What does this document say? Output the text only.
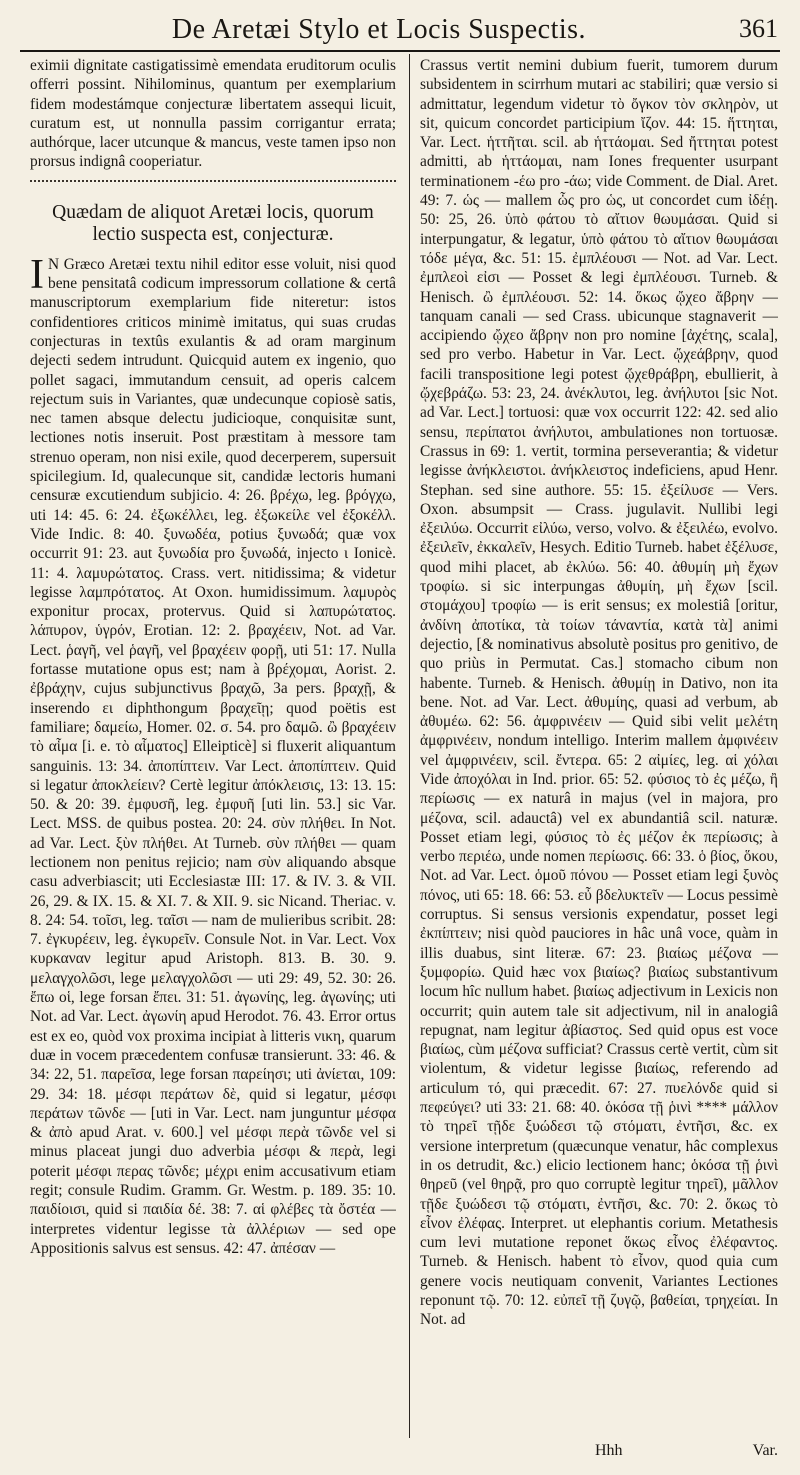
De Aretæi Stylo et Locis Suspectis.	361

eximii dignitate castigatissimè emendata eruditorum oculis offerri possint. Nihilominus, quantum per exemplarium fidem modestámque conjecturæ libertatem assequi licuit, curatum est, ut nonnulla passim corrigantur errata; authórque, lacer utcunque & mancus, veste tamen ipso non prorsus indignâ cooperiatur.

Quædam de aliquot Aretæi locis, quorum lectio suspecta est, conjecturæ.

I N Græco Aretæi textu nihil editor esse voluit, nisi quod bene pensitatâ codicum impressorum collatione & certâ manuscriptorum exemplarium fide niteretur: istos confidentiores criticos minimè imitatus, qui suas crudas conjecturas in textûs exulantis & ad oram marginum dejecti sedem intrudunt. Quicquid autem ex ingenio, quo pollet sagaci, immutandum censuit, ad operis calcem rejectum suis in Variantes, quæ undecunque copiosè satis, nec tamen absque delectu judicioque, conquisitæ sunt, lectiones notis inseruit. Post præstitam à messore tam strenuo operam, non nisi exile, quod decerperem, supersuit spicilegium. Id, qualecunque sit, candidæ lectoris humani censuræ excutiendum subjicio. 4: 26. βρέχω, leg. βρόγχω, uti 14: 45. 6: 24. ἐξωκέλλει, leg. ἐξωκείλε vel ἐξοκέλλ. Vide Indic. 8: 40. ξυνωδέα, potius ξυνωδά; quæ vox occurrit 91: 23. aut ξυνωδία pro ξυνωδά, injecto ι Ionicè. 11: 4. λαμυρώτατος. Crass. vert. nitidissima; & videtur legisse λαμπρότατος. At Oxon. humidissimum. λαμυρὸς exponitur procax, protervus. Quid si λαπυρώτατος. λάπυρον, ὑγρόν, Erotian. 12: 2. βραχέειν, Not. ad Var. Lect. ῥαγῆ, vel ῥαγῆ, vel βραχέειν φορῇ, uti 51: 17. Nulla fortasse mutatione opus est; nam à βρέχομαι, Aorist. 2. ἐβράχην, cujus subjunctivus βραχῶ, 3a pers. βραχῇ, & inserendo ει diphthongum βραχεῖῃ; quod poëtis est familiare; δαμείω, Homer. 02. σ. 54. pro δαμῶ. ὢ βραχέειν τὸ αἷμα [i. e. τὸ αἷματος] Elleipticè] si fluxerit aliquantum sanguinis. 13: 34. ἀποπίπτειν. Var Lect. ἀποπίπτειν. Quid si legatur ἀποκλείειν? Certè legitur ἀπόκλεισις, 13: 13. 15: 50. & 20: 39. ἐμφυσῆ, leg. ἐμφυῆ [uti lin. 53.] sic Var. Lect. MSS. de quibus postea. 20: 24. σὺν πλήθει. In Not. ad Var. Lect. ξὺν πλήθει. At Turneb. σὺν πλήθει — quam lectionem non penitus rejicio; nam σὺν aliquando absque casu adverbiascit; uti Ecclesiastæ III: 17. & IV. 3. & VII. 26, 29. & IX. 15. & XI. 7. & XII. 9. sic Nicand. Theriac. v. 8. 24: 54. τοῖσι, leg. ταῖσι — nam de mulieribus scribit. 28: 7. ἐγκυρέειν, leg. ἐγκυρεῖν. Consule Not. in Var. Lect. Vox κυρκαναν legitur apud Aristoph. 813. B. 30. 9. μελαγχολῶσι, lege μελαγχολῶσι — uti 29: 49, 52. 30: 26. ἔπω οἱ, lege forsan ἔπει. 31: 51. ἀγωνίης, leg. ἀγωνίης; uti Not. ad Var. Lect. ἀγωνίη apud Herodot. 76. 43. Error ortus est ex eo, quòd vox proxima incipiat à litteris νικη, quarum duæ in vocem præcedentem confusæ transierunt. 33: 46. & 34: 22, 51. παρεῖσα, lege forsan παρείησι; uti ἀνίεται, 109: 29. 34: 18. μέσφι περάτων δὲ, quid si legatur, μέσφι περάτων τῶνδε — [uti in Var. Lect. nam junguntur μέσφα & ἀπὸ apud Arat. v. 600.] vel μέσφι περὰ τῶνδε vel si minus placeat jungi duo adverbia μέσφι & περὰ, legi poterit μέσφι περας τῶνδε; μέχρι enim accusativum etiam regit; consule Rudim. Gramm. Gr. Westm. p. 189. 35: 10. παιδίοισι, quid si παιδία δέ. 38: 7. αἱ φλέβες τὰ ὄστέα — interpretes videntur legisse τὰ ἀλλέριων — sed ope Appositionis salvus est sensus. 42: 47. ἀπέσαν —

Crassus vertit nemini dubium fuerit, tumorem durum subsidentem in scirrhum mutari ac stabiliri; quæ versio si admittatur, legendum videtur τὸ ὄγκον τὸν σκληρὸν, ut sit, quicum concordet participium ἴζον. 44: 15. ἥττηται, Var. Lect. ἡττῆται. scil. ab ἡττάομαι. Sed ἤττηται potest admitti, ab ἡττάομαι, nam Iones frequenter usurpant terminationem -έω pro -άω; vide Comment. de Dial. Aret. 49: 7. ὡς — mallem ὧς pro ὡς, ut concordet cum ἰδέῃ. 50: 25, 26. ὑπὸ φάτου τὸ αἴτιον θωυμάσαι. Quid si interpungatur, & legatur, ὑπὸ φάτου τὸ αἴτιον θωυμάσαι τόδε μέγα, &c. 51: 15. ἐμπλέουσι — Not. ad Var. Lect. ἐμπλεοὶ εἰσι — Posset & legi ἐμπλέουσι. Turneb. & Henisch. ὢ ἐμπλέουσι. 52: 14. ὅκως ᾤχεο ἄβρην — tanquam canali — sed Crass. ubicunque stagnaverit — accipiendo ᾤχεο ἄβρην non pro nomine [ἀχέτης, scala], sed pro verbo. Habetur in Var. Lect. ᾤχεάβρην, quod facili transpositione legi potest ᾤχεθράβρη, ebullierit, à ᾤχεβράζω. 53: 23, 24. ἀνέκλυτοι, leg. ἀνήλυτοι [sic Not. ad Var. Lect.] tortuosi: quæ vox occurrit 122: 42. sed alio sensu, περίπατοι ἀνήλυτοι, ambulationes non tortuosæ. Crassus in 69: 1. vertit, tormina perseverantia; & videtur legisse ἀνήκλειστοι. ἀνήκλειστος indeficiens, apud Henr. Stephan. sed sine authore. 55: 15. ἐξείλυσε — Vers. Oxon. absumpsit — Crass. jugulavit. Nullibi legi ἐξειλύω. Occurrit εἰλύω, verso, volvo. & ἐξειλέω, evolvo. ἐξειλεῖν, ἐκκαλεῖν, Hesych. Editio Turneb. habet ἐξέλυσε, quod mihi placet, ab ἐκλύω. 56: 40. ἀθυμίη μὴ ἔχων τροφίω. si sic interpungas ἀθυμίη, μὴ ἔχων [scil. στομάχου] τροφίω — is erit sensus; ex molestiâ [oritur, ἀνδίνη ἀποτίκα, τὰ τοίων τάναντία, κατὰ τὰ] animi dejectio, [& nominativus absolutè positus pro genitivo, de quo priùs in Permutat. Cas.] stomacho cibum non habente. Turneb. & Henisch. ἀθυμίῃ in Dativo, non ita bene. Not. ad Var. Lect. ἀθυμίης, quasi ad verbum, ab ἀθυμέω. 62: 56. ἀμφρινέειν — Quid sibi velit μελέτη ἀμφρινέειν, nondum intelligo. Interim mallem ἀμφινέειν vel ἀμφρινέειν, scil. ἔντερα. 65: 2 αἰμίες, leg. αἱ χόλαι Vide ἀποχόλαι in Ind. prior. 65: 52. φύσιος τὸ ἐς μέζω, ἢ περίωσις — ex naturâ in majus (vel in majora, pro μέζονα, scil. adauctâ) vel ex abundantiâ scil. naturæ. Posset etiam legi, φύσιος τὸ ἐς μέζον ἐκ περίωσις; à verbo περιέω, unde nomen περίωσις. 66: 33. ὁ βίος, ὅκου, Not. ad Var. Lect. ὁμοῦ πόνου — Posset etiam legi ξυνὸς πόνος, uti 65: 18. 66: 53. εὖ βδελυκτεῖν — Locus pessimè corruptus. Si sensus versionis expendatur, posset legi ἐκπίπτειν; nisi quòd pauciores in hâc unâ voce, quàm in illis duabus, sint literæ. 67: 23. βιαίως μέζονα — ξυμφορίω. Quid hæc vox βιαίως? βιαίως substantivum locum hîc nullum habet. βιαίως adjectivum in Lexicis non occurrit; quin autem tale sit adjectivum, nil in analogiâ repugnat, nam legitur ἀβίαστος. Sed quid opus est voce βιαίως, cùm μέζονα sufficiat? Crassus certè vertit, cùm sit violentum, & videtur legisse βιαίως, referendo ad articulum τό, qui præcedit. 67: 27. πυελόνδε quid si πεφεύγει? uti 33: 21. 68: 40. ὁκόσα τῇ ῥινὶ **** μάλλον τὸ τηρεῖ τῇδε ξυώδεσι τῷ στόματι, ἐντῆσι, &c. ex versione interpretum (quæcunque venatur, hâc complexus in os detrudit, &c.) elicio lectionem hanc; ὁκόσα τῇ ῥινὶ θηρεῦ (vel θηρᾷ, pro quo corruptè legitur τηρεῖ), μᾶλλον τῇδε ξυώδεσι τῷ στόματι, ἐντῆσι, &c. 70: 2. ὅκως τὸ εἶνον ἐλέφας. Interpret. ut elephantis corium. Metathesis cum levi mutatione reponet ὅκως εἶνος ἐλέφαντος. Turneb. & Henisch. habent τὸ εἶνον, quod quia cum genere vocis neutiquam convenit, Variantes Lectiones reponunt τῷ. 70: 12. εὐπεῖ τῇ ζυγῷ, βαθείαι, τρηχείαι. In Not. ad

Hhh	Var.
